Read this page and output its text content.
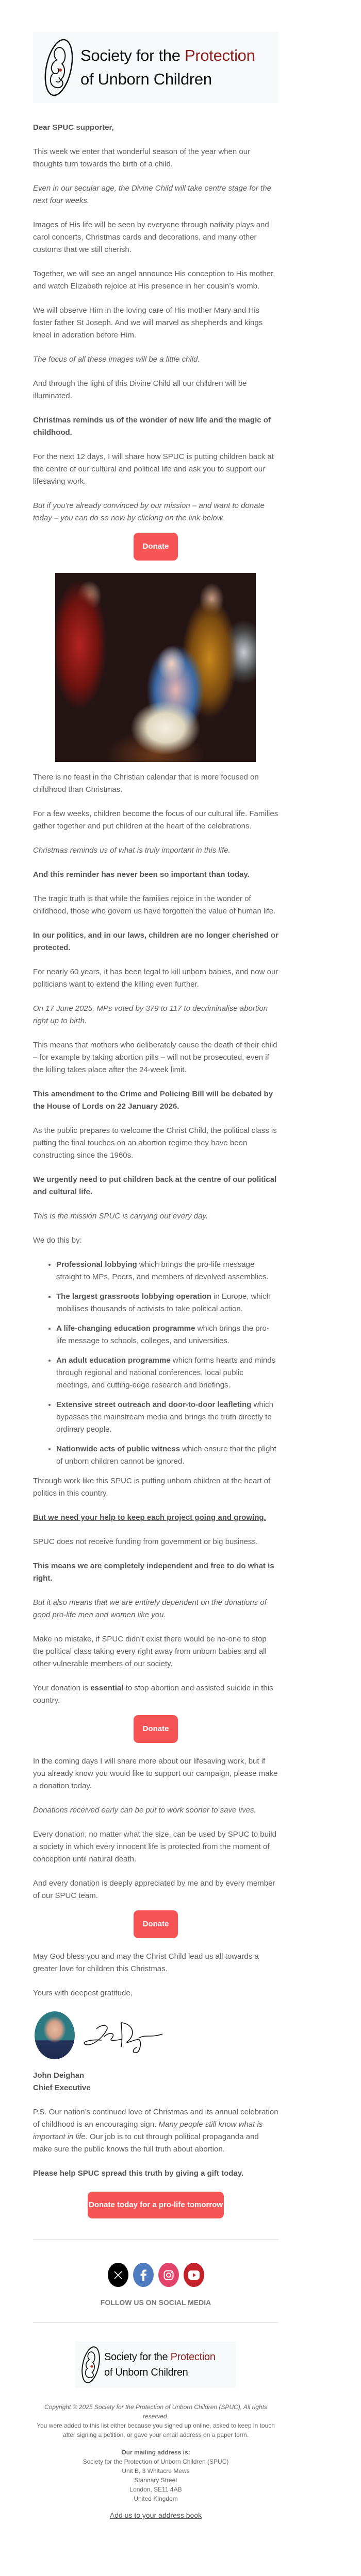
Society for the Protection
of Unborn Children

Dear SPUC supporter,

This week we enter that wonderful season of the year when our thoughts turn towards the birth of a child.

Even in our secular age, the Divine Child will take centre stage for the next four weeks.

Images of His life will be seen by everyone through nativity plays and carol concerts, Christmas cards and decorations, and many other customs that we still cherish.

Together, we will see an angel announce His conception to His mother, and watch Elizabeth rejoice at His presence in her cousin’s womb.

We will observe Him in the loving care of His mother Mary and His foster father St Joseph. And we will marvel as shepherds and kings kneel in adoration before Him.

The focus of all these images will be a little child.

And through the light of this Divine Child all our children will be illuminated.

Christmas reminds us of the wonder of new life and the magic of childhood.

For the next 12 days, I will share how SPUC is putting children back at the centre of our cultural and political life and ask you to support our lifesaving work.

But if you're already convinced by our mission – and want to donate today – you can do so now by clicking on the link below.

Donate

There is no feast in the Christian calendar that is more focused on childhood than Christmas.

For a few weeks, children become the focus of our cultural life. Families gather together and put children at the heart of the celebrations.

Christmas reminds us of what is truly important in this life.

And this reminder has never been so important than today.

The tragic truth is that while the families rejoice in the wonder of childhood, those who govern us have forgotten the value of human life.

In our politics, and in our laws, children are no longer cherished or protected.

For nearly 60 years, it has been legal to kill unborn babies, and now our politicians want to extend the killing even further.

On 17 June 2025, MPs voted by 379 to 117 to decriminalise abortion right up to birth.

This means that mothers who deliberately cause the death of their child – for example by taking abortion pills – will not be prosecuted, even if the killing takes place after the 24-week limit.

This amendment to the Crime and Policing Bill will be debated by the House of Lords on 22 January 2026.

As the public prepares to welcome the Christ Child, the political class is putting the final touches on an abortion regime they have been constructing since the 1960s.

We urgently need to put children back at the centre of our political and cultural life.

This is the mission SPUC is carrying out every day.

We do this by:

• Professional lobbying which brings the pro-life message straight to MPs, Peers, and members of devolved assemblies.
• The largest grassroots lobbying operation in Europe, which mobilises thousands of activists to take political action.
• A life-changing education programme which brings the pro-life message to schools, colleges, and universities.
• An adult education programme which forms hearts and minds through regional and national conferences, local public meetings, and cutting-edge research and briefings.
• Extensive street outreach and door-to-door leafleting which bypasses the mainstream media and brings the truth directly to ordinary people.
• Nationwide acts of public witness which ensure that the plight of unborn children cannot be ignored.

Through work like this SPUC is putting unborn children at the heart of politics in this country.

But we need your help to keep each project going and growing.

SPUC does not receive funding from government or big business.

This means we are completely independent and free to do what is right.

But it also means that we are entirely dependent on the donations of good pro-life men and women like you.

Make no mistake, if SPUC didn’t exist there would be no-one to stop the political class taking every right away from unborn babies and all other vulnerable members of our society.

Your donation is essential to stop abortion and assisted suicide in this country.

Donate

In the coming days I will share more about our lifesaving work, but if you already know you would like to support our campaign, please make a donation today.

Donations received early can be put to work sooner to save lives.

Every donation, no matter what the size, can be used by SPUC to build a society in which every innocent life is protected from the moment of conception until natural death.

And every donation is deeply appreciated by me and by every member of our SPUC team.

Donate

May God bless you and may the Christ Child lead us all towards a greater love for children this Christmas.

Yours with deepest gratitude,

John Deighan
Chief Executive

P.S. Our nation’s continued love of Christmas and its annual celebration of childhood is an encouraging sign. Many people still know what is important in life. Our job is to cut through political propaganda and make sure the public knows the full truth about abortion.

Please help SPUC spread this truth by giving a gift today.

Donate today for a pro-life tomorrow
FOLLOW US ON SOCIAL MEDIA
Society for the Protection
of Unborn Children
Copyright © 2025 Society for the Protection of Unborn Children (SPUC), All rights reserved.
You were added to this list either because you signed up online, asked to keep in touch after signing a petition, or gave your email address on a paper form.
Our mailing address is:
Society for the Protection of Unborn Children (SPUC)
Unit B, 3 Whitacre Mews
Stannary Street
London, SE11 4AB
United Kingdom
Add us to your address book
